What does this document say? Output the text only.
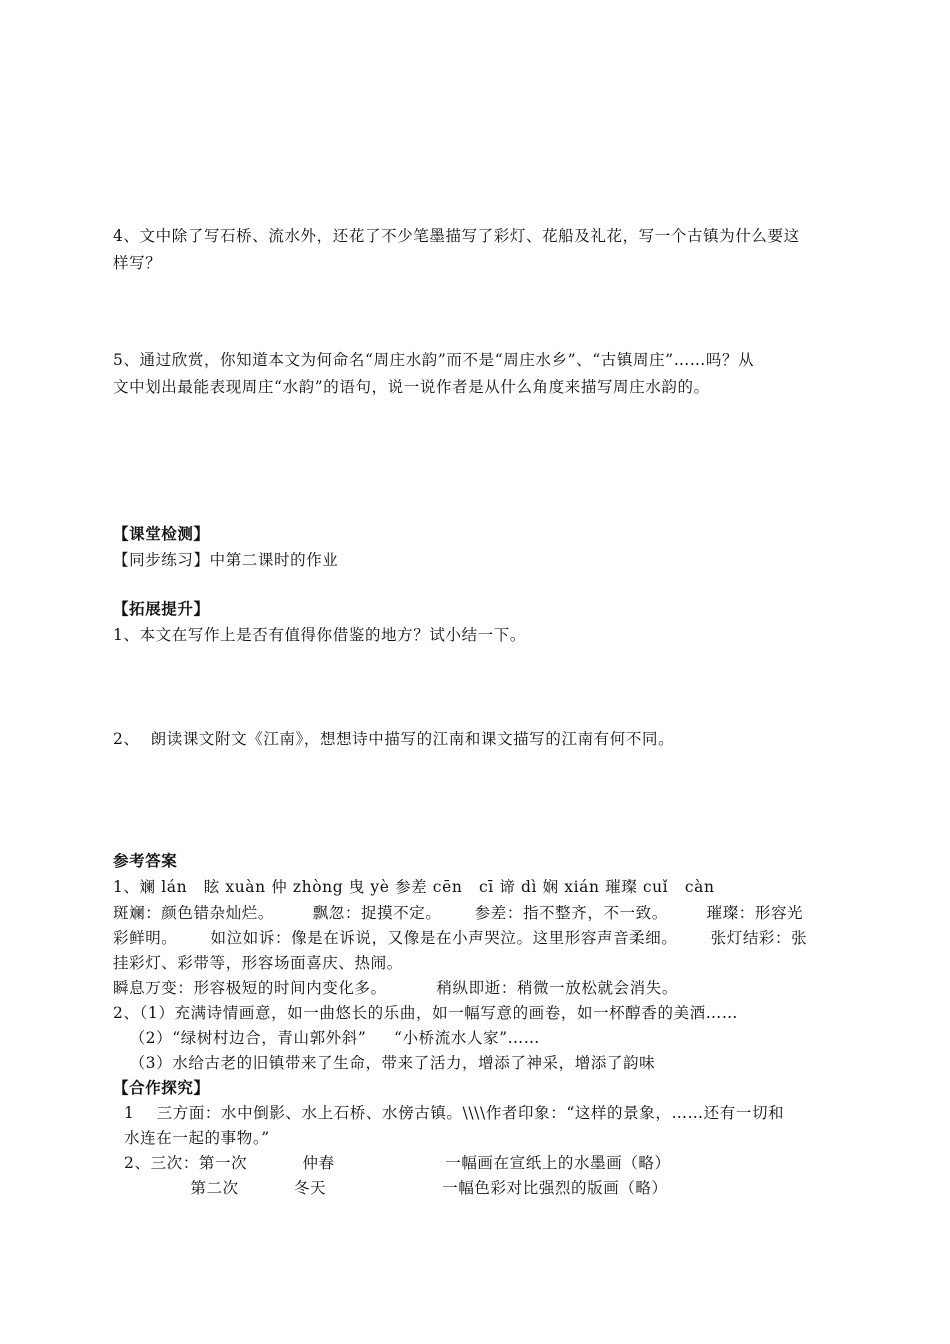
4、文中除了写石桥、流水外，还花了不少笔墨描写了彩灯、花船及礼花，写一个古镇为什么要这
样写？
5、通过欣赏，你知道本文为何命名“周庄水韵”而不是“周庄水乡”、“古镇周庄”……吗？从
文中划出最能表现周庄“水韵”的语句，说一说作者是从什么角度来描写周庄水韵的。
【课堂检测】
【同步练习】中第二课时的作业
【拓展提升】
1、本文在写作上是否有值得你借鉴的地方？试小结一下。
2、  朗读课文附文《江南》，想想诗中描写的江南和课文描写的江南有何不同。
参考答案
1、斓 lán   眩 xuàn 仲 zhòng 曳 yè 参差 cēn   cī 谛 dì 娴 xián 璀璨 cuǐ   càn
斑斓：颜色错杂灿烂。       飘忽：捉摸不定。      参差：指不整齐，不一致。       璀璨：形容光
彩鲜明。      如泣如诉：像是在诉说，又像是在小声哭泣。这里形容声音柔细。      张灯结彩：张
挂彩灯、彩带等，形容场面喜庆、热闹。
瞬息万变：形容极短的时间内变化多。         稍纵即逝：稍微一放松就会消失。
2、（1）充满诗情画意，如一曲悠长的乐曲，如一幅写意的画卷，如一杯醇香的美酒……
（2）“绿树村边合，青山郭外斜”     “小桥流水人家”……
（3）水给古老的旧镇带来了生命，带来了活力，增添了神采，增添了韵味
【合作探究】
1    三方面：水中倒影、水上石桥、水傍古镇。\\\\作者印象：“这样的景象，……还有一切和
水连在一起的事物。”
2、三次：第一次          仲春                    一幅画在宣纸上的水墨画（略）
第二次          冬天                     一幅色彩对比强烈的版画（略）
